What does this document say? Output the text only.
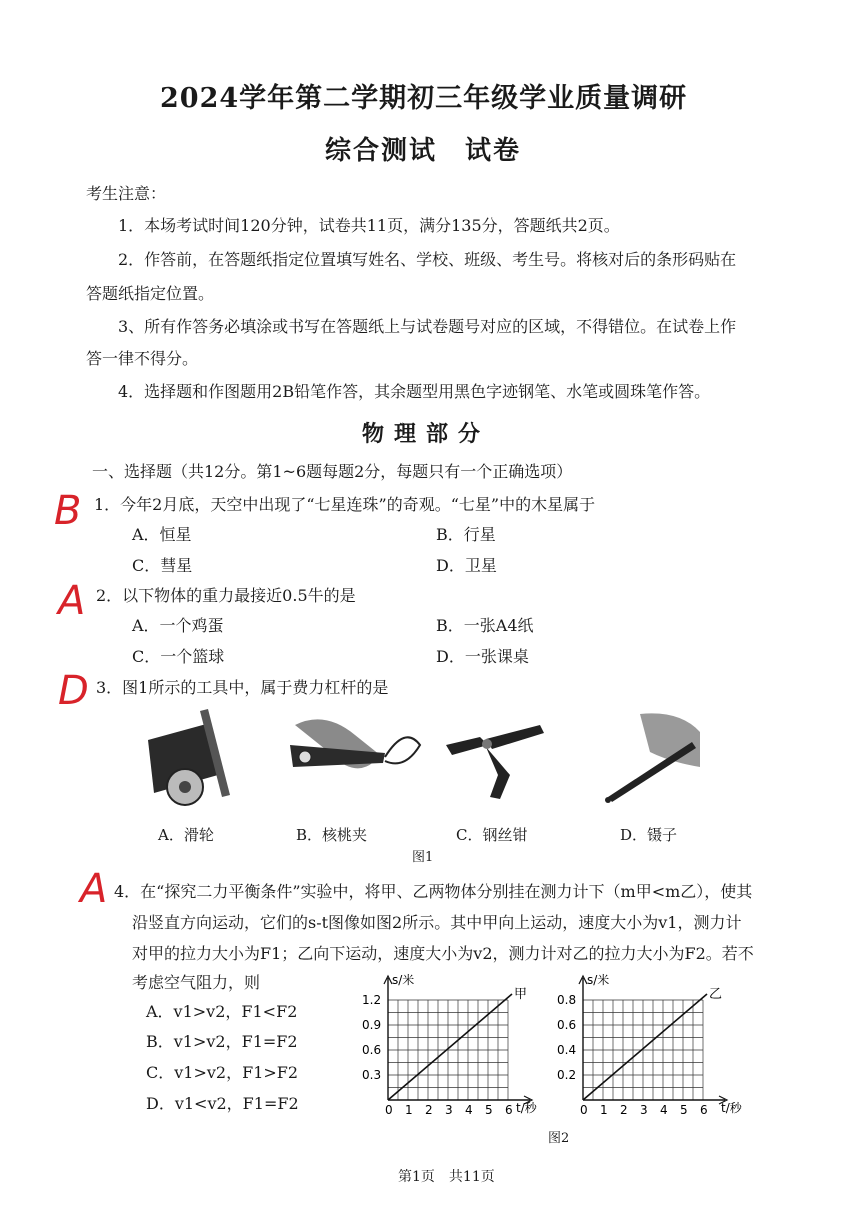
2024学年第二学期初三年级学业质量调研
综合测试　试卷
考生注意：
1．本场考试时间120分钟，试卷共11页，满分135分，答题纸共2页。
2．作答前，在答题纸指定位置填写姓名、学校、班级、考生号。将核对后的条形码贴在
答题纸指定位置。
3、所有作答务必填涂或书写在答题纸上与试卷题号对应的区域，不得错位。在试卷上作
答一律不得分。
4．选择题和作图题用2B铅笔作答，其余题型用黑色字迹钢笔、水笔或圆珠笔作答。
物理部分
一、选择题（共12分。第1~6题每题2分，每题只有一个正确选项）
B 1．今年2月底，天空中出现了“七星连珠”的奇观。“七星”中的木星属于
A．恒星	B．行星
C．彗星	D．卫星
A 2．以下物体的重力最接近0.5牛的是
A．一个鸡蛋	B．一张A4纸
C．一个篮球	D．一张课桌
D 3．图1所示的工具中，属于费力杠杆的是
A．滑轮	B．核桃夹	C．钢丝钳	D．镊子
图1
A 4．在“探究二力平衡条件”实验中，将甲、乙两物体分别挂在测力计下（m甲<m乙），使其
沿竖直方向运动，它们的s-t图像如图2所示。其中甲向上运动，速度大小为v1，测力计
对甲的拉力大小为F1；乙向下运动，速度大小为v2，测力计对乙的拉力大小为F2。若不
考虑空气阻力，则
A．v1>v2，F1<F2
B．v1>v2，F1=F2
C．v1>v2，F1>F2
D．v1<v2，F1=F2	0 1 2 3 4 5 6
0.3
0.6
0.9
1.2	甲
s/米
t/秒	0 1 2 3 4 5 6
0.2
0.4
0.6
0.8	乙
s/米
t/秒
图2
第1页　共11页
